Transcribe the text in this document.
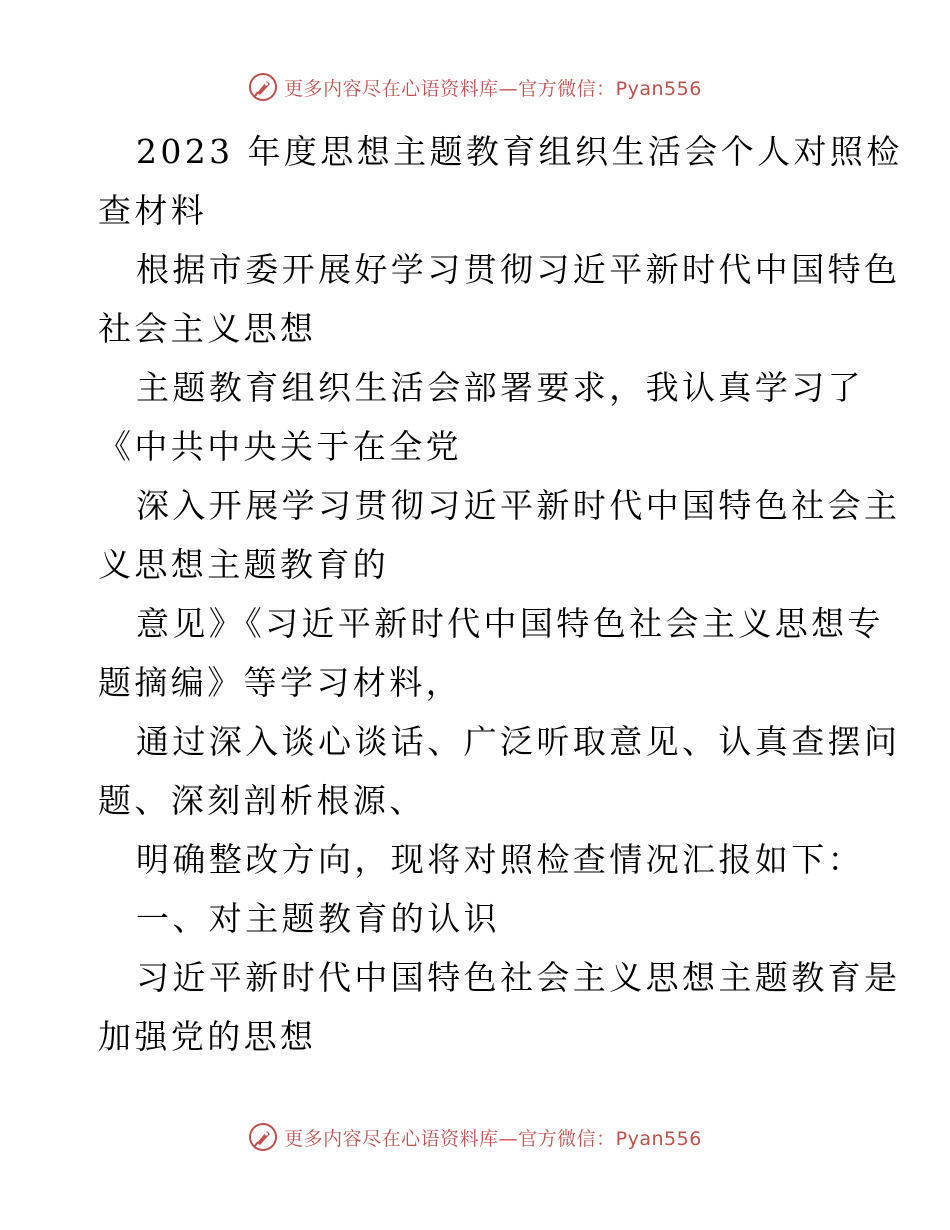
更多内容尽在心语资料库—官方微信：Pyan556
2023 年度思想主题教育组织生活会个人对照检
查材料
根据市委开展好学习贯彻习近平新时代中国特色
社会主义思想
主题教育组织生活会部署要求，我认真学习了
《中共中央关于在全党
深入开展学习贯彻习近平新时代中国特色社会主
义思想主题教育的
意见》《习近平新时代中国特色社会主义思想专
题摘编》等学习材料，
通过深入谈心谈话、广泛听取意见、认真查摆问
题、深刻剖析根源、
明确整改方向，现将对照检查情况汇报如下：
一、对主题教育的认识
习近平新时代中国特色社会主义思想主题教育是
加强党的思想
更多内容尽在心语资料库—官方微信：Pyan556
